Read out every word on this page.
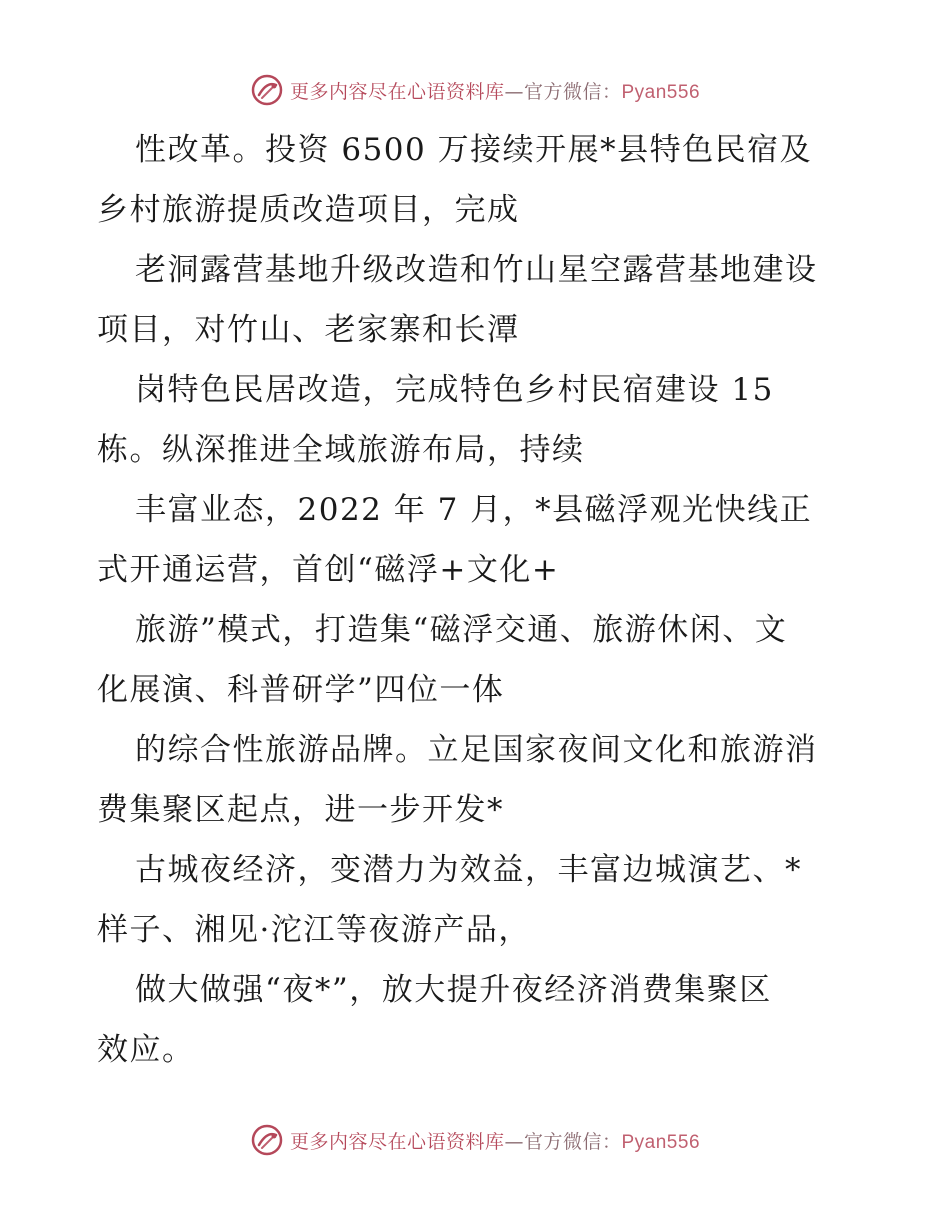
更多内容尽在心语资料库—官方微信：Pyan556
性改革。投资 6500 万接续开展*县特色民宿及
乡村旅游提质改造项目，完成
老洞露营基地升级改造和竹山星空露营基地建设
项目，对竹山、老家寨和长潭
岗特色民居改造，完成特色乡村民宿建设 15
栋。纵深推进全域旅游布局，持续
丰富业态，2022 年 7 月，*县磁浮观光快线正
式开通运营，首创“磁浮+文化+
旅游”模式，打造集“磁浮交通、旅游休闲、文
化展演、科普研学”四位一体
的综合性旅游品牌。立足国家夜间文化和旅游消
费集聚区起点，进一步开发*
古城夜经济，变潜力为效益，丰富边城演艺、*
样子、湘见·沱江等夜游产品，
做大做强“夜*”，放大提升夜经济消费集聚区
效应。
更多内容尽在心语资料库—官方微信：Pyan556
